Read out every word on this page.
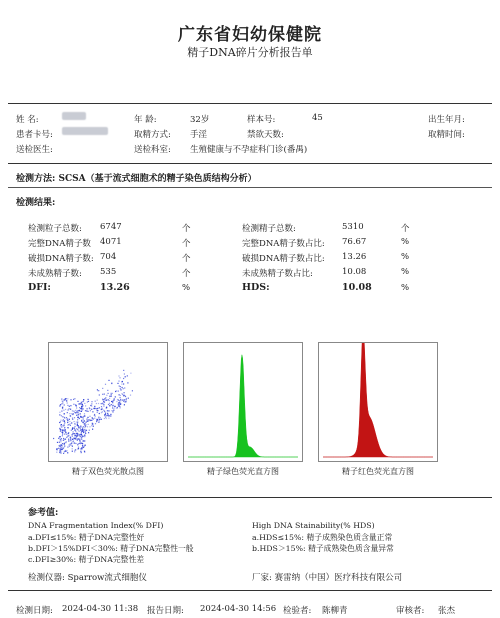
广东省妇幼保健院
精子DNA碎片分析报告单
姓 名:	年 龄:	32岁	样本号:	45	出生年月:
患者卡号:	取精方式: 手淫	禁欲天数:	取精时间:
送检医生:	送检科室: 生殖健康与不孕症科门诊(番禺)
检测方法: SCSA（基于流式细胞术的精子染色质结构分析）
检测结果:
检测粒子总数: 6747	个
完整DNA精子数 4071	个
破损DNA精子数: 704	个
未成熟精子数: 535	个
检测精子总数:	5310	个
完整DNA精子数占比: 76.67	%
破损DNA精子数占比: 13.26	%
未成熟精子数占比:	10.08	%
DFI:	13.26	%	HDS:	10.08	%
精子双色荧光散点图	精子绿色荧光直方图	精子红色荧光直方图
参考值:
DNA Fragmentation Index(% DFI)
a.DFI≤15%: 精子DNA完整性好
b.DFI＞15%DFI＜30%: 精子DNA完整性一般
c.DFI≥30%: 精子DNA完整性差
High DNA Stainability(% HDS)
a.HDS≤15%: 精子成熟染色质含量正常
b.HDS＞15%: 精子成熟染色质含量异常
检测仪器: Sparrow流式细胞仪	厂家: 赛雷纳（中国）医疗科技有限公司
检测日期: 2024-04-30 11:38 报告日期: 2024-04-30 14:56 检验者: 陈柳青	审核者: 张杰
